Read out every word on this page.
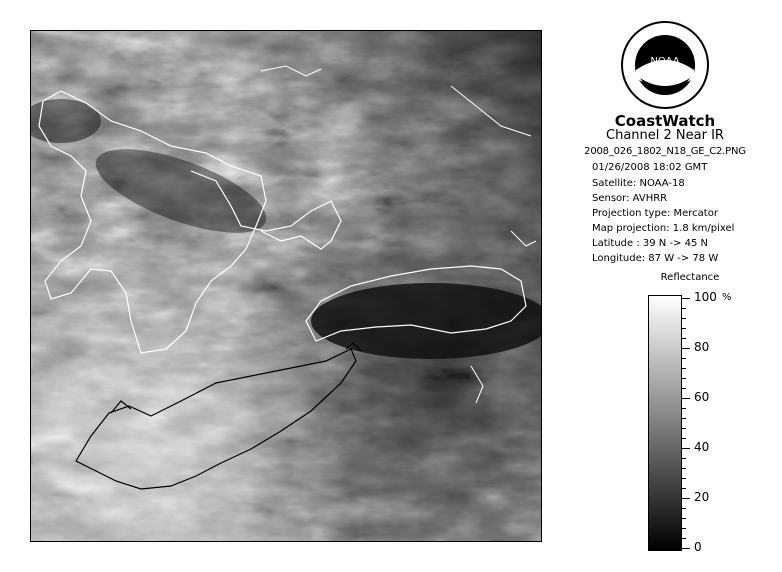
NOAA
CoastWatch
Channel 2 Near IR
2008_026_1802_N18_GE_C2.PNG
01/26/2008 18:02 GMT
Satellite: NOAA-18
Sensor: AVHRR
Projection type: Mercator
Map projection: 1.8 km/pixel
Latitude : 39 N -> 45 N
Longitude: 87 W -> 78 W
Reflectance
%
100
80
60
40
20
0
